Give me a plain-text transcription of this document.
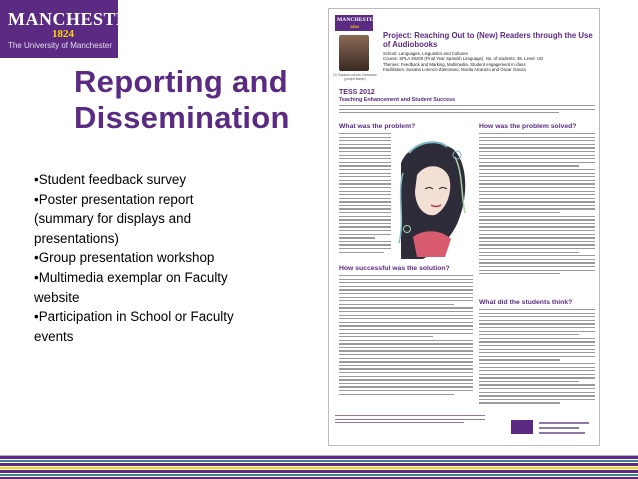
MANCHESTER
1824
The University of Manchester
Reporting and
Dissemination
•Student feedback survey
•Poster presentation report
(summary for displays and
presentations)
•Group presentation workshop
•Multimedia exemplar on Faculty
website
•Participation in School or Faculty
events
MANCHESTER
1824
Dr Susana Lorenzo-Zamorano (project leader)
Project: Reaching Out to (New) Readers through the Use of Audiobooks
School: Languages, Linguistics and Cultures
Course: SPLA 30200 (Final Year Spanish Language). No. of students: 35. Level: UG
Themes: Feedback and Marking, Multimedia, Student engagement in class
Facilitators: Susana Lorenzo-Zamorano, Noelia Alcarazo and Óscar García
TESS 2012
Teaching Enhancement and Student Success
What was the problem?
How successful was the solution?
How was the problem solved?
What did the students think?
